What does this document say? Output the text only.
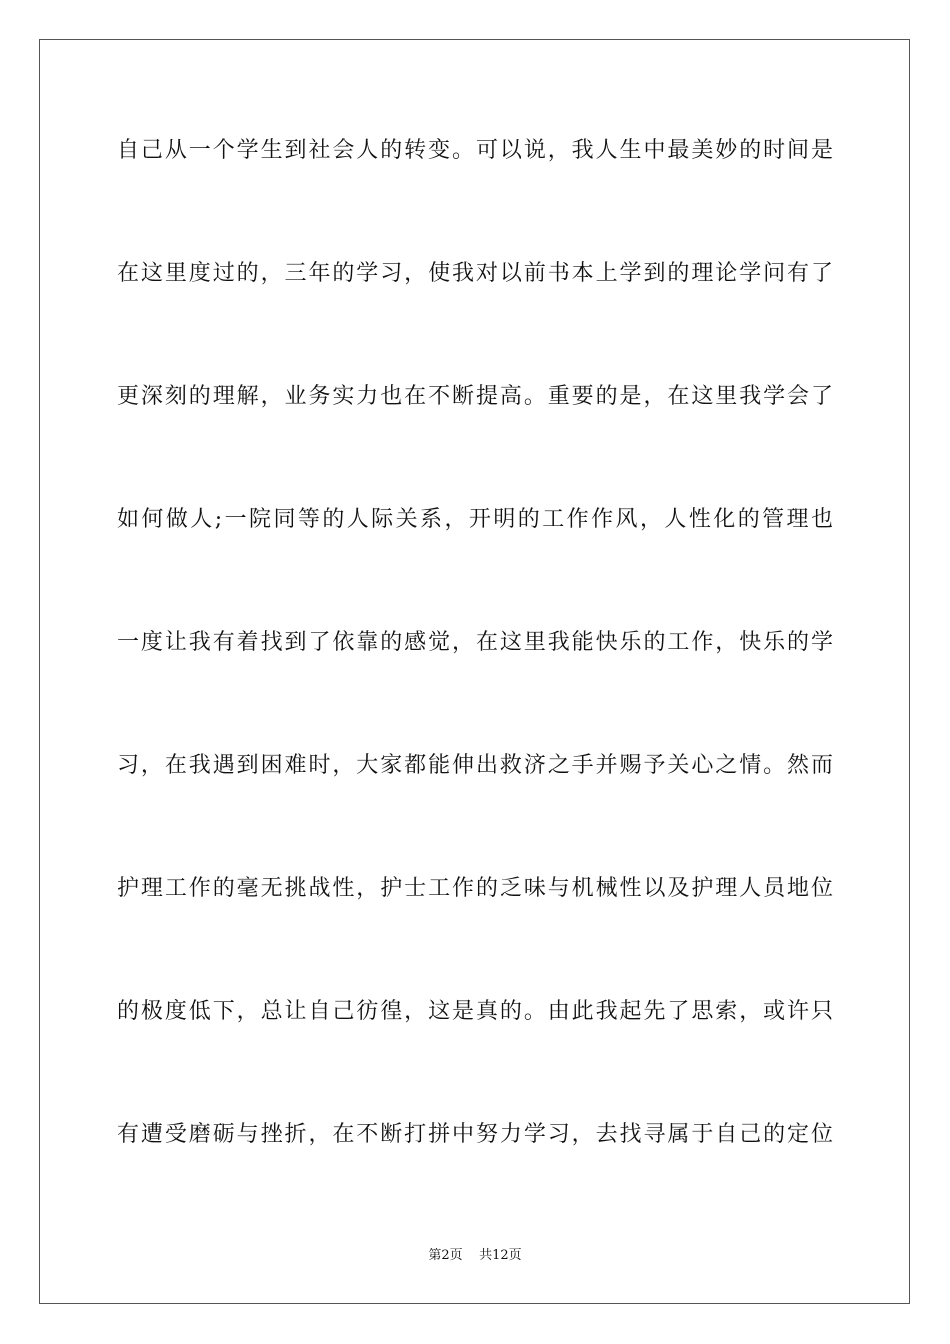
自己从一个学生到社会人的转变。可以说，我人生中最美妙的时间是
在这里度过的，三年的学习，使我对以前书本上学到的理论学问有了
更深刻的理解，业务实力也在不断提高。重要的是，在这里我学会了
如何做人;一院同等的人际关系，开明的工作作风，人性化的管理也
一度让我有着找到了依靠的感觉，在这里我能快乐的工作，快乐的学
习，在我遇到困难时，大家都能伸出救济之手并赐予关心之情。然而
护理工作的毫无挑战性，护士工作的乏味与机械性以及护理人员地位
的极度低下，总让自己彷徨，这是真的。由此我起先了思索，或许只
有遭受磨砺与挫折，在不断打拼中努力学习，去找寻属于自己的定位
第2页 共12页
